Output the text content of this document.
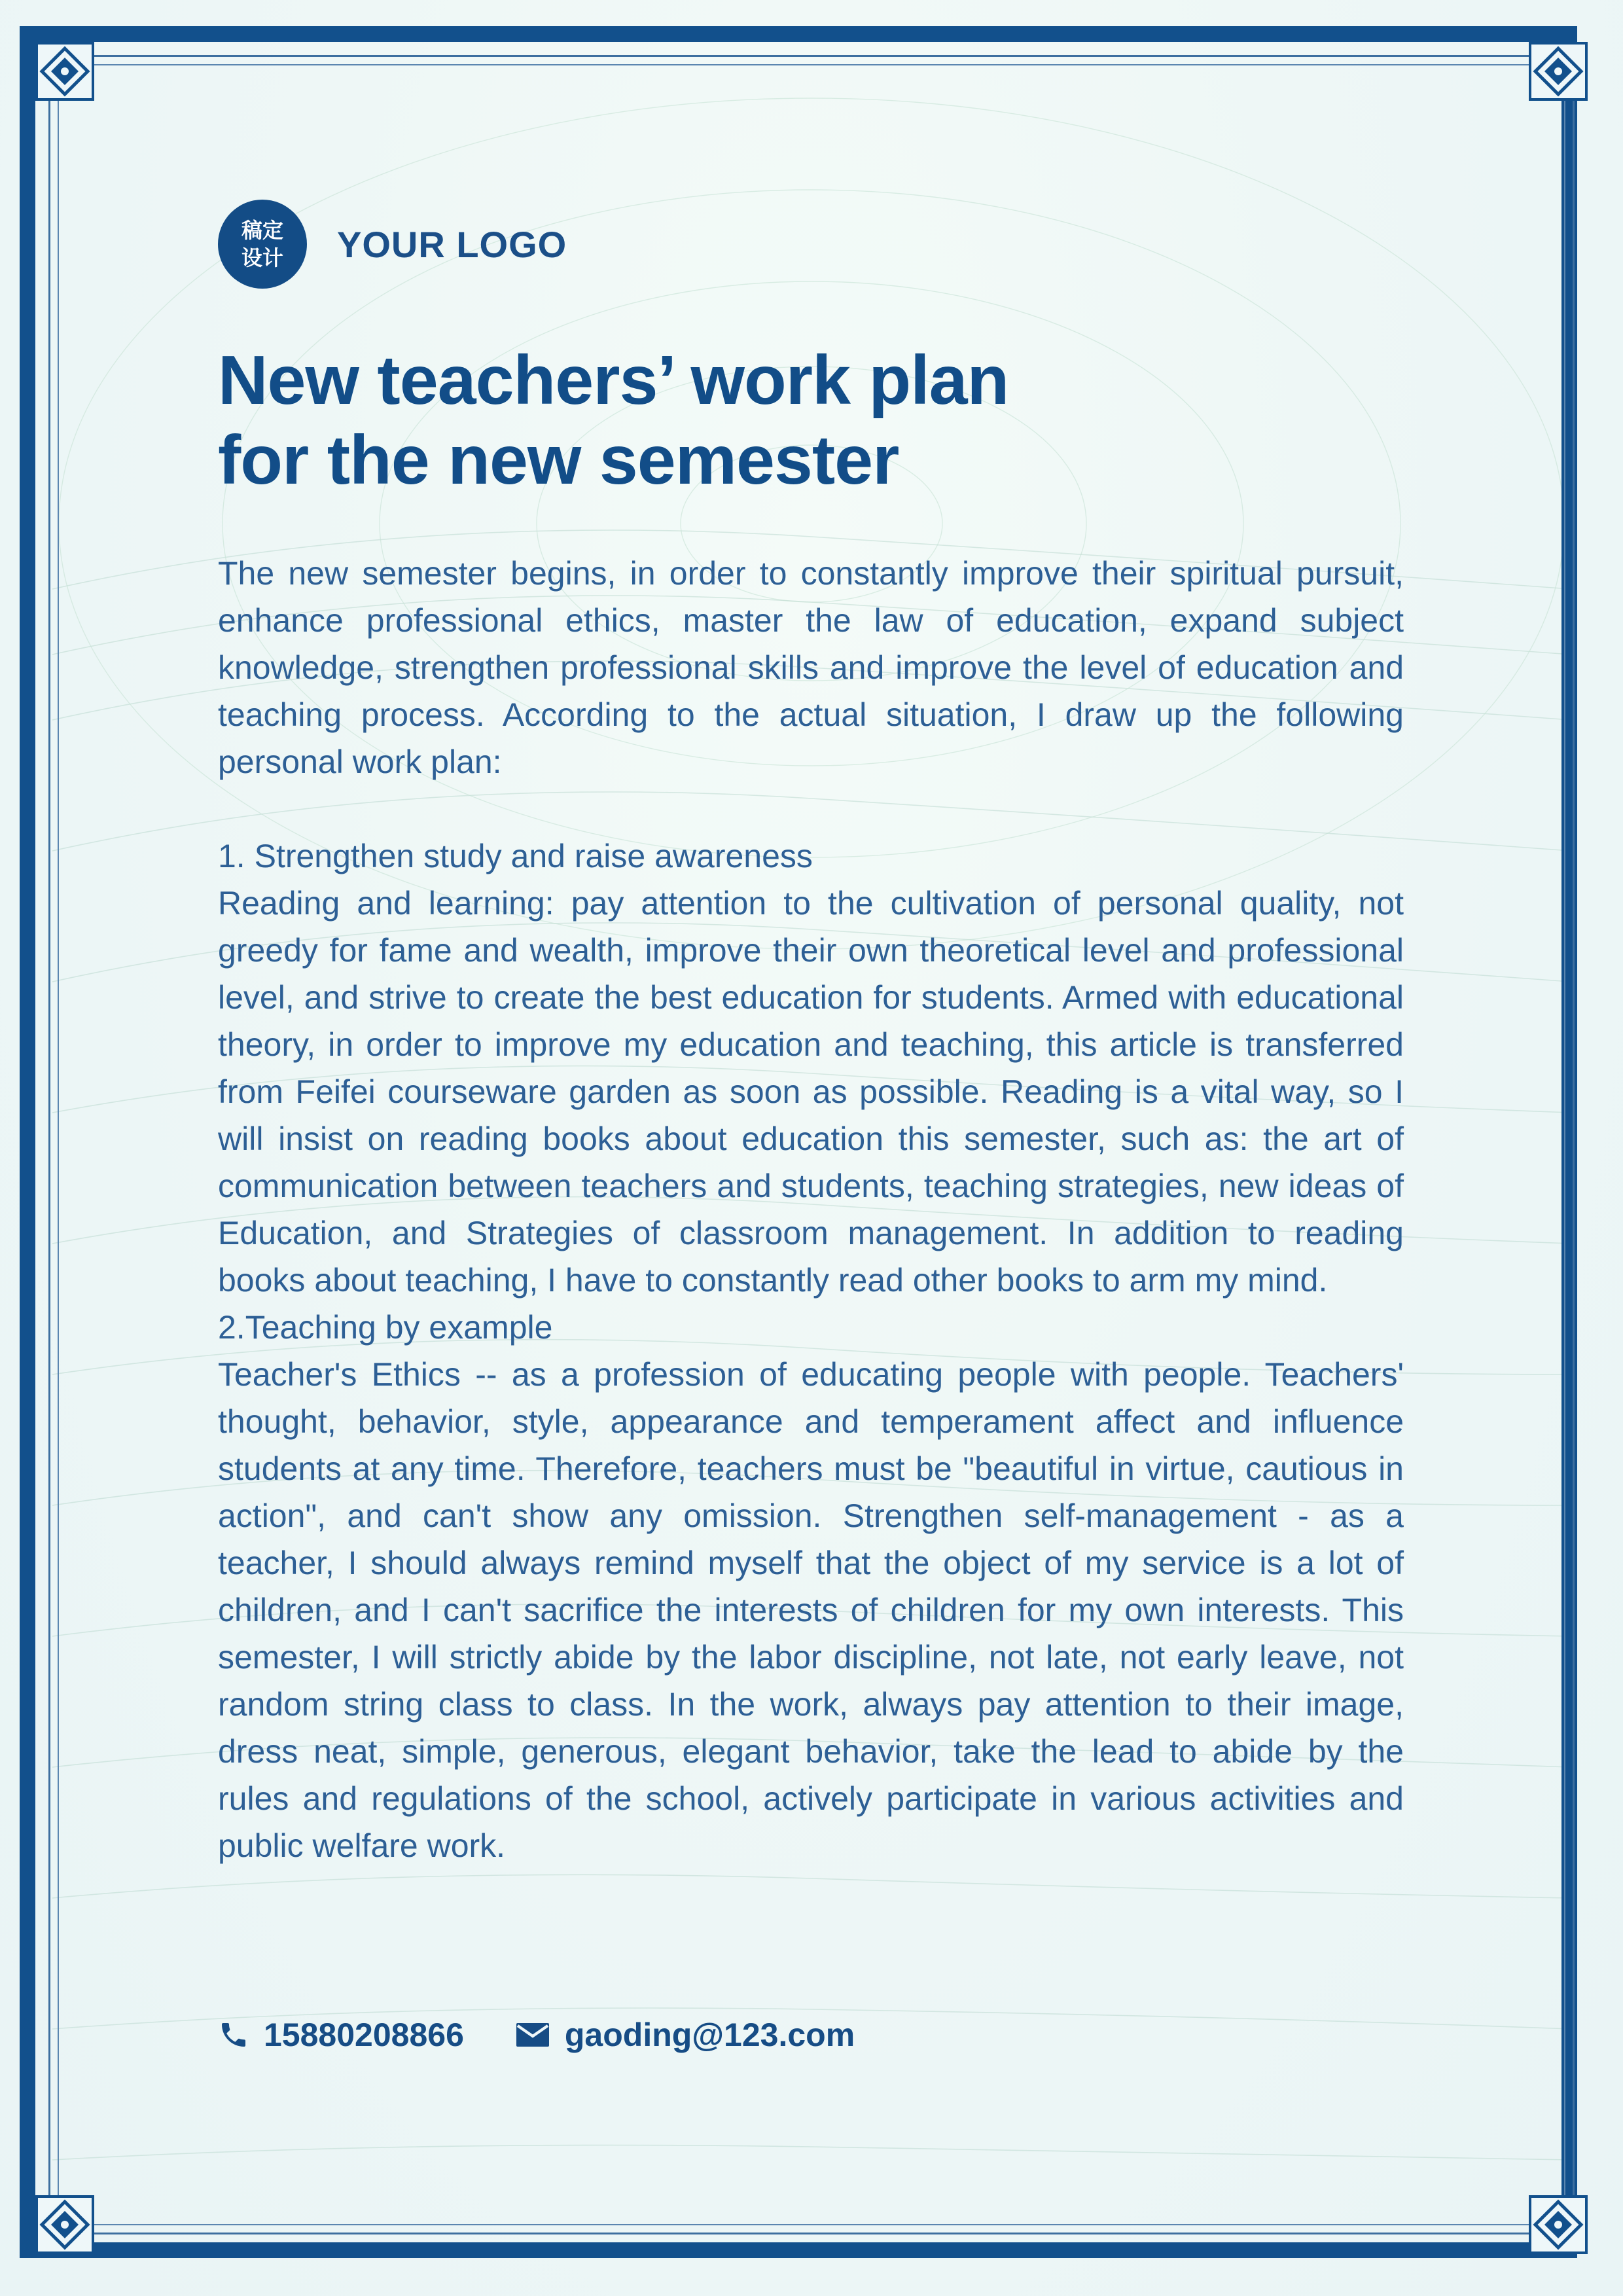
稿定
设计 YOUR LOGO
New teachers’ work plan
for the new semester

The new semester begins, in order to constantly improve their spiritual pursuit, enhance professional ethics, master the law of education, expand subject knowledge, strengthen professional skills and improve the level of education and teaching process. According to the actual situation, I draw up the following personal work plan:

1. Strengthen study and raise awareness

Reading and learning: pay attention to the cultivation of personal quality, not greedy for fame and wealth, improve their own theoretical level and professional level, and strive to create the best education for students. Armed with educational theory, in order to improve my education and teaching, this article is transferred from Feifei courseware garden as soon as possible. Reading is a vital way, so I will insist on reading books about education this semester, such as: the art of communication between teachers and students, teaching strategies, new ideas of Education, and Strategies of classroom management. In addition to reading books about teaching, I have to constantly read other books to arm my mind.

2.Teaching by example

Teacher's Ethics -- as a profession of educating people with people. Teachers' thought, behavior, style, appearance and temperament affect and influence students at any time. Therefore, teachers must be "beautiful in virtue, cautious in action", and can't show any omission. Strengthen self-management - as a teacher, I should always remind myself that the object of my service is a lot of children, and I can't sacrifice the interests of children for my own interests. This semester, I will strictly abide by the labor discipline, not late, not early leave, not random string class to class. In the work, always pay attention to their image, dress neat, simple, generous, elegant behavior, take the lead to abide by the rules and regulations of the school, actively participate in various activities and public welfare work.

15880208866	gaoding@123.com
